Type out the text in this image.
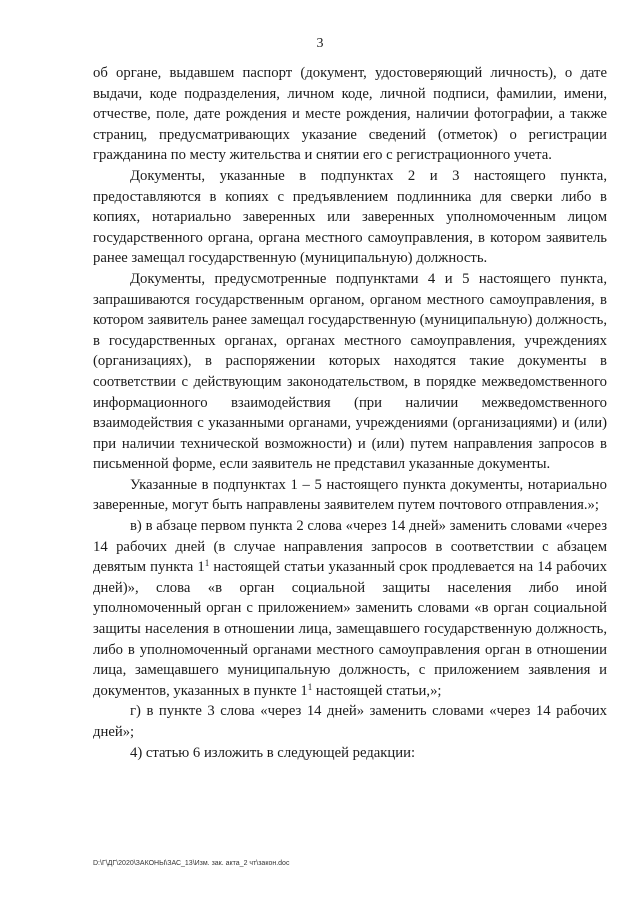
3

об органе, выдавшем паспорт (документ, удостоверяющий личность), о дате выдачи, коде подразделения, личном коде, личной подписи, фамилии, имени, отчестве, поле, дате рождения и месте рождения, наличии фотографии, а также страниц, предусматривающих указание сведений (отметок) о регистрации гражданина по месту жительства и снятии его с регистрационного учета.

Документы, указанные в подпунктах 2 и 3 настоящего пункта, предоставляются в копиях с предъявлением подлинника для сверки либо в копиях, нотариально заверенных или заверенных уполномоченным лицом государственного органа, органа местного самоуправления, в котором заявитель ранее замещал государственную (муниципальную) должность.

Документы, предусмотренные подпунктами 4 и 5 настоящего пункта, запрашиваются государственным органом, органом местного самоуправления, в котором заявитель ранее замещал государственную (муниципальную) должность, в государственных органах, органах местного самоуправления, учреждениях (организациях), в распоряжении которых находятся такие документы в соответствии с действующим законодательством, в порядке межведомственного информационного взаимодействия (при наличии межведомственного взаимодействия с указанными органами, учреждениями (организациями) и (или) при наличии технической возможности) и (или) путем направления запросов в письменной форме, если заявитель не представил указанные документы.

Указанные в подпунктах 1 – 5 настоящего пункта документы, нотариально заверенные, могут быть направлены заявителем путем почтового отправления.»;

в) в абзаце первом пункта 2 слова «через 14 дней» заменить словами «через 14 рабочих дней (в случае направления запросов в соответствии с абзацем девятым пункта $1^1$ настоящей статьи указанный срок продлевается на 14 рабочих дней)», слова «в орган социальной защиты населения либо иной уполномоченный орган с приложением» заменить словами «в орган социальной защиты населения в отношении лица, замещавшего государственную должность, либо в уполномоченный органами местного самоуправления орган в отношении лица, замещавшего муниципальную должность, с приложением заявления и документов, указанных в пункте $1^1$ настоящей статьи,»;

г) в пункте 3 слова «через 14 дней» заменить словами «через 14 рабочих дней»;

4) статью 6 изложить в следующей редакции:

D:\Г\ДГ\2020\ЗАКОНЫ\ЗАС_13\Изм. зак. акта_2 чт\закон.doc
